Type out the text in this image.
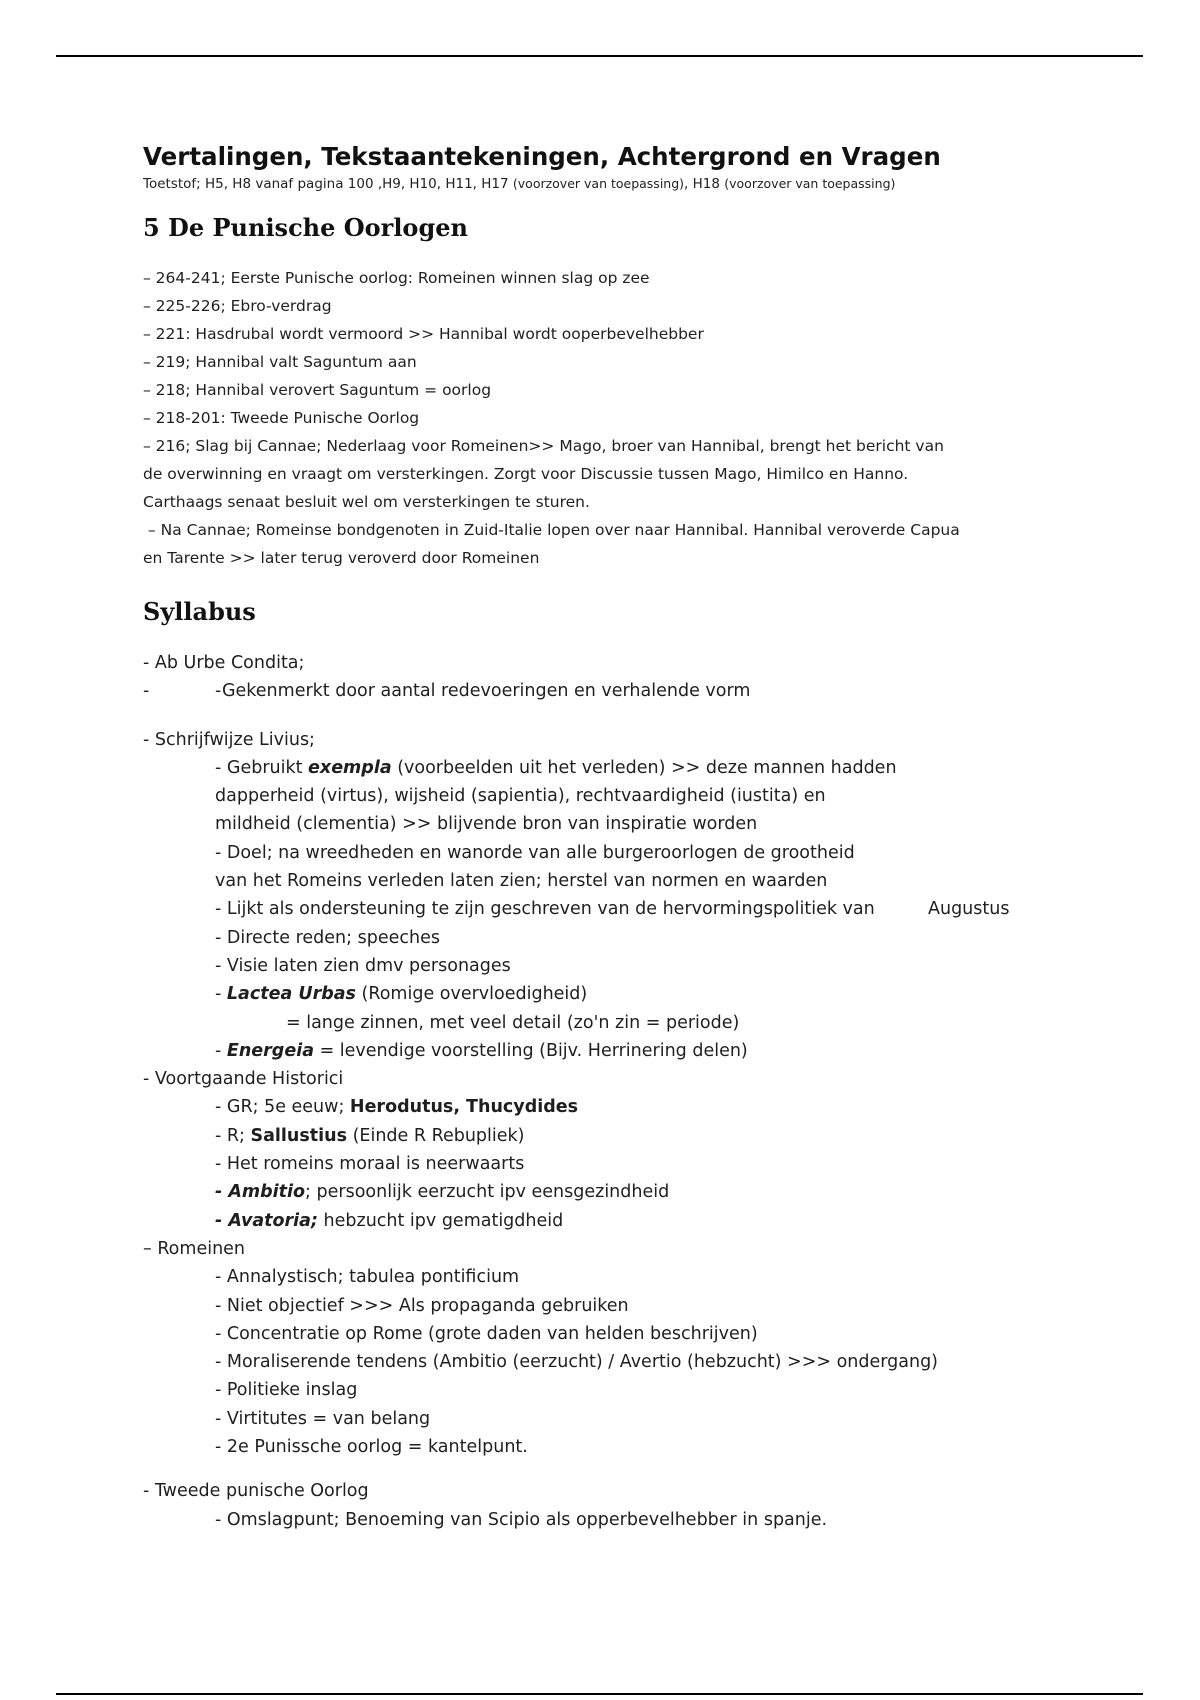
Vertalingen, Tekstaantekeningen, Achtergrond en Vragen

Toetstof; H5, H8 vanaf pagina 100 ,H9, H10, H11, H17 (voorzover van toepassing), H18 (voorzover van toepassing)

5 De Punische Oorlogen
– 264-241; Eerste Punische oorlog: Romeinen winnen slag op zee
– 225-226; Ebro-verdrag
– 221: Hasdrubal wordt vermoord >> Hannibal wordt ooperbevelhebber
– 219; Hannibal valt Saguntum aan
– 218; Hannibal verovert Saguntum = oorlog
– 218-201: Tweede Punische Oorlog
– 216; Slag bij Cannae; Nederlaag voor Romeinen>> Mago, broer van Hannibal, brengt het bericht van
de overwinning en vraagt om versterkingen. Zorgt voor Discussie tussen Mago, Himilco en Hanno.
Carthaags senaat besluit wel om versterkingen te sturen.
– Na Cannae; Romeinse bondgenoten in Zuid-Italie lopen over naar Hannibal. Hannibal veroverde Capua
en Tarente >> later terug veroverd door Romeinen
Syllabus
- Ab Urbe Condita;
-	-Gekenmerkt door aantal redevoeringen en verhalende vorm
- Schrijfwijze Livius;
- Gebruikt exempla (voorbeelden uit het verleden) >> deze mannen hadden
dapperheid (virtus), wijsheid (sapientia), rechtvaardigheid (iustita) en
mildheid (clementia) >> blijvende bron van inspiratie worden
- Doel; na wreedheden en wanorde van alle burgeroorlogen de grootheid
van het Romeins verleden laten zien; herstel van normen en waarden
- Lijkt als ondersteuning te zijn geschreven van de hervormingspolitiek van	Augustus
- Directe reden; speeches
- Visie laten zien dmv personages
- Lactea Urbas (Romige overvloedigheid)
= lange zinnen, met veel detail (zo'n zin = periode)
- Energeia = levendige voorstelling (Bijv. Herrinering delen)
- Voortgaande Historici
- GR; 5e eeuw; Herodutus, Thucydides
- R; Sallustius (Einde R Rebupliek)
- Het romeins moraal is neerwaarts
- Ambitio; persoonlijk eerzucht ipv eensgezindheid
- Avatoria; hebzucht ipv gematigdheid
– Romeinen
- Annalystisch; tabulea pontificium
- Niet objectief >>> Als propaganda gebruiken
- Concentratie op Rome (grote daden van helden beschrijven)
- Moraliserende tendens (Ambitio (eerzucht) / Avertio (hebzucht) >>> ondergang)
- Politieke inslag
- Virtitutes = van belang
- 2e Punissche oorlog = kantelpunt.
- Tweede punische Oorlog
- Omslagpunt; Benoeming van Scipio als opperbevelhebber in spanje.
